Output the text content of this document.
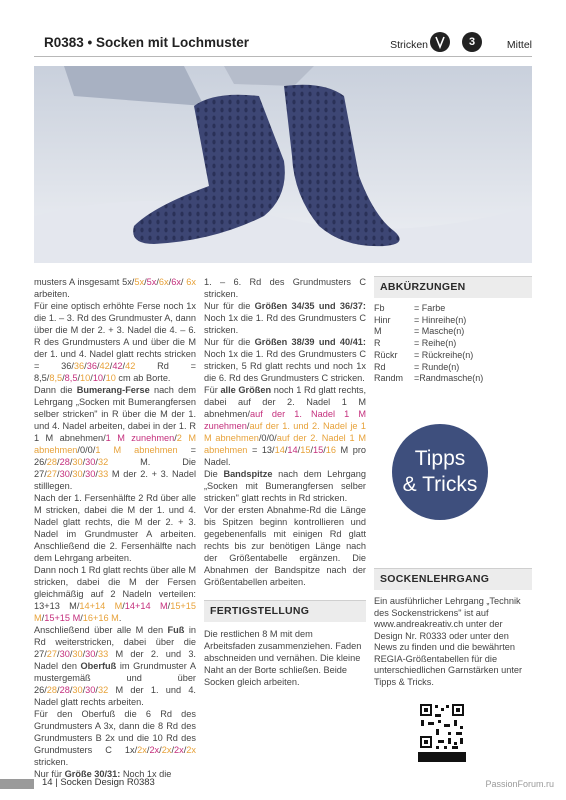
R0383 • Socken mit Lochmuster	Stricken	3	Mittel

musters A insgesamt 5x/5x/5x/6x/6x/ 6x arbeiten.

Für eine optisch erhöhte Ferse noch 1x die 1. – 3. Rd des Grundmuster A, dann über die M der 2. + 3. Nadel die 4. – 6. R des Grundmusters A und über die M der 1. und 4. Nadel glatt rechts stricken = 36/36/36/42/42/42 Rd = 8,5/8,5/8,5/10/10/10 cm ab Borte.

Dann die Bumerang-Ferse nach dem Lehrgang „Socken mit Bumerangfersen selber stricken" in R über die M der 1. und 4. Nadel arbeiten, dabei in der 1. R 1 M abnehmen/1 M zunehmen/2 M abnehmen/0/0/1 M abnehmen = 26/28/28/30/30/32 M. Die 27/27/30/30/30/33 M der 2. + 3. Nadel stilllegen.

Nach der 1. Fersenhälfte 2 Rd über alle M stricken, dabei die M der 1. und 4. Nadel glatt rechts, die M der 2. + 3. Nadel im Grundmuster A arbeiten. Anschließend die 2. Fersenhälfte nach dem Lehrgang arbeiten.

Dann noch 1 Rd glatt rechts über alle M stricken, dabei die M der Fersen gleichmäßig auf 2 Nadeln verteilen: 13+13 M/14+14 M/14+14 M/15+15 M/15+15 M/16+16 M.

Anschließend über alle M den Fuß in Rd weiterstricken, dabei über die 27/27/30/30/30/33 M der 2. und 3. Nadel den Oberfuß im Grundmuster A mustergemäß und über 26/28/28/30/30/32 M der 1. und 4. Nadel glatt rechts arbeiten.

Für den Oberfuß die 6 Rd des Grundmusters A 3x, dann die 8 Rd des Grundmusters B 2x und die 10 Rd des Grundmusters C 1x/2x/2x/2x/2x/2x stricken.

Nur für Größe 30/31: Noch 1x die

1. – 6. Rd des Grundmusters C stricken.

Nur für die Größen 34/35 und 36/37: Noch 1x die 1. Rd des Grundmusters C stricken.

Nur für die Größen 38/39 und 40/41: Noch 1x die 1. Rd des Grundmusters C stricken, 5 Rd glatt rechts und noch 1x die 6. Rd des Grundmusters C stricken.

Für alle Größen noch 1 Rd glatt rechts, dabei auf der 2. Nadel 1 M abnehmen/auf der 1. Nadel 1 M zunehmen/auf der 1. und 2. Nadel je 1 M abnehmen/0/0/auf der 2. Nadel 1 M abnehmen = 13/14/14/15/15/16 M pro Nadel.

Die Bandspitze nach dem Lehrgang „Socken mit Bumerangfersen selber stricken" glatt rechts in Rd stricken.

Vor der ersten Abnahme-Rd die Länge bis Spitzen beginn kontrollieren und gegebenenfalls mit einigen Rd glatt rechts bis zur benötigen Länge nach der Größentabelle ergänzen. Die Abnahmen der Bandspitze nach der Größentabellen arbeiten.

FERTIGSTELLUNG

Die restlichen 8 M mit dem Arbeitsfaden zusammenziehen. Faden abschneiden und vernähen. Die kleine Naht an der Borte schließen. Beide Socken gleich arbeiten.

ABKÜRZUNGEN
Fb	= Farbe
Hinr	= Hinreihe(n)
M	= Masche(n)
R	= Reihe(n)
Rückr	= Rückreihe(n)
Rd	= Runde(n)
Randm	=Randmasche(n)
Tipps
& Tricks
SOCKENLEHRGANG

Ein ausführlicher Lehrgang „Technik des Sockenstrickens" ist auf www.andreakreativ.ch unter der Design Nr. R0333 oder unter den News zu finden und die bewährten REGIA-Größentabellen für die unterschiedlichen Garnstärken unter Tipps & Tricks.

14 | Socken Design R0383	PassionForum.ru
